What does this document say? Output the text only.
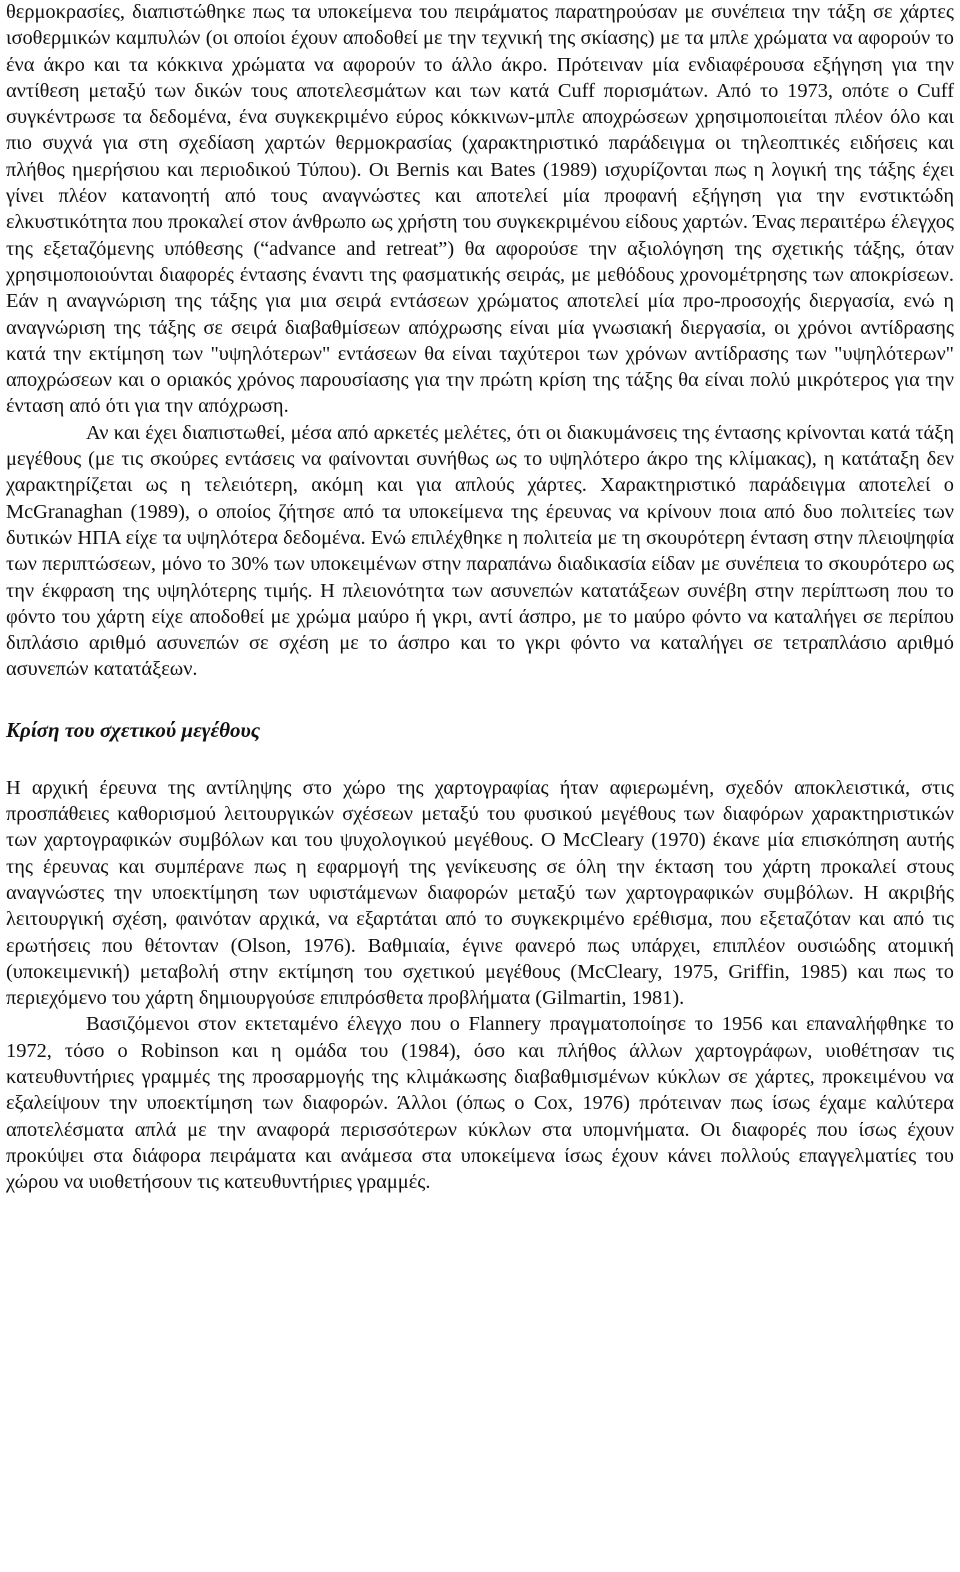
θερμοκρασίες, διαπιστώθηκε πως τα υποκείμενα του πειράματος παρατηρούσαν με συνέπεια την τάξη σε χάρτες ισοθερμικών καμπυλών (οι οποίοι έχουν αποδοθεί με την τεχνική της σκίασης) με τα μπλε χρώματα να αφορούν το ένα άκρο και τα κόκκινα χρώματα να αφορούν το άλλο άκρο. Πρότειναν μία ενδιαφέρουσα εξήγηση για την αντίθεση μεταξύ των δικών τους αποτελεσμάτων και των κατά Cuff πορισμάτων. Από το 1973, οπότε ο Cuff συγκέντρωσε τα δεδομένα, ένα συγκεκριμένο εύρος κόκκινων-μπλε αποχρώσεων χρησιμοποιείται πλέον όλο και πιο συχνά για στη σχεδίαση χαρτών θερμοκρασίας (χαρακτηριστικό παράδειγμα οι τηλεοπτικές ειδήσεις και πλήθος ημερήσιου και περιοδικού Τύπου). Οι Bernis και Bates (1989) ισχυρίζονται πως η λογική της τάξης έχει γίνει πλέον κατανοητή από τους αναγνώστες και αποτελεί μία προφανή εξήγηση για την ενστικτώδη ελκυστικότητα που προκαλεί στον άνθρωπο ως χρήστη του συγκεκριμένου είδους χαρτών. Ένας περαιτέρω έλεγχος της εξεταζόμενης υπόθεσης (“advance and retreat”) θα αφορούσε την αξιολόγηση της σχετικής τάξης, όταν χρησιμοποιούνται διαφορές έντασης έναντι της φασματικής σειράς, με μεθόδους χρονομέτρησης των αποκρίσεων. Εάν η αναγνώριση της τάξης για μια σειρά εντάσεων χρώματος αποτελεί μία προ-προσοχής διεργασία, ενώ η αναγνώριση της τάξης σε σειρά διαβαθμίσεων απόχρωσης είναι μία γνωσιακή διεργασία, οι χρόνοι αντίδρασης κατά την εκτίμηση των "υψηλότερων" εντάσεων θα είναι ταχύτεροι των χρόνων αντίδρασης των "υψηλότερων" αποχρώσεων και ο οριακός χρόνος παρουσίασης για την πρώτη κρίση της τάξης θα είναι πολύ μικρότερος για την ένταση από ότι για την απόχρωση.

Αν και έχει διαπιστωθεί, μέσα από αρκετές μελέτες, ότι οι διακυμάνσεις της έντασης κρίνονται κατά τάξη μεγέθους (με τις σκούρες εντάσεις να φαίνονται συνήθως ως το υψηλότερο άκρο της κλίμακας), η κατάταξη δεν χαρακτηρίζεται ως η τελειότερη, ακόμη και για απλούς χάρτες. Χαρακτηριστικό παράδειγμα αποτελεί ο McGranaghan (1989), ο οποίος ζήτησε από τα υποκείμενα της έρευνας να κρίνουν ποια από δυο πολιτείες των δυτικών ΗΠΑ είχε τα υψηλότερα δεδομένα. Ενώ επιλέχθηκε η πολιτεία με τη σκουρότερη ένταση στην πλειοψηφία των περιπτώσεων, μόνο το 30% των υποκειμένων στην παραπάνω διαδικασία είδαν με συνέπεια το σκουρότερο ως την έκφραση της υψηλότερης τιμής. Η πλειονότητα των ασυνεπών κατατάξεων συνέβη στην περίπτωση που το φόντο του χάρτη είχε αποδοθεί με χρώμα μαύρο ή γκρι, αντί άσπρο, με το μαύρο φόντο να καταλήγει σε περίπου διπλάσιο αριθμό ασυνεπών σε σχέση με το άσπρο και το γκρι φόντο να καταλήγει σε τετραπλάσιο αριθμό ασυνεπών κατατάξεων.

Κρίση του σχετικού μεγέθους

Η αρχική έρευνα της αντίληψης στο χώρο της χαρτογραφίας ήταν αφιερωμένη, σχεδόν αποκλειστικά, στις προσπάθειες καθορισμού λειτουργικών σχέσεων μεταξύ του φυσικού μεγέθους των διαφόρων χαρακτηριστικών των χαρτογραφικών συμβόλων και του ψυχολογικού μεγέθους. Ο McCleary (1970) έκανε μία επισκόπηση αυτής της έρευνας και συμπέρανε πως η εφαρμογή της γενίκευσης σε όλη την έκταση του χάρτη προκαλεί στους αναγνώστες την υποεκτίμηση των υφιστάμενων διαφορών μεταξύ των χαρτογραφικών συμβόλων. Η ακριβής λειτουργική σχέση, φαινόταν αρχικά, να εξαρτάται από το συγκεκριμένο ερέθισμα, που εξεταζόταν και από τις ερωτήσεις που θέτονταν (Olson, 1976). Βαθμιαία, έγινε φανερό πως υπάρχει, επιπλέον ουσιώδης ατομική (υποκειμενική) μεταβολή στην εκτίμηση του σχετικού μεγέθους (McCleary, 1975, Griffin, 1985) και πως το περιεχόμενο του χάρτη δημιουργούσε επιπρόσθετα προβλήματα (Gilmartin, 1981).

Βασιζόμενοι στον εκτεταμένο έλεγχο που ο Flannery πραγματοποίησε το 1956 και επαναλήφθηκε το 1972, τόσο ο Robinson και η ομάδα του (1984), όσο και πλήθος άλλων χαρτογράφων, υιοθέτησαν τις κατευθυντήριες γραμμές της προσαρμογής της κλιμάκωσης διαβαθμισμένων κύκλων σε χάρτες, προκειμένου να εξαλείψουν την υποεκτίμηση των διαφορών. Άλλοι (όπως ο Cox, 1976) πρότειναν πως ίσως έχαμε καλύτερα αποτελέσματα απλά με την αναφορά περισσότερων κύκλων στα υπομνήματα. Οι διαφορές που ίσως έχουν προκύψει στα διάφορα πειράματα και ανάμεσα στα υποκείμενα ίσως έχουν κάνει πολλούς επαγγελματίες του χώρου να υιοθετήσουν τις κατευθυντήριες γραμμές.
